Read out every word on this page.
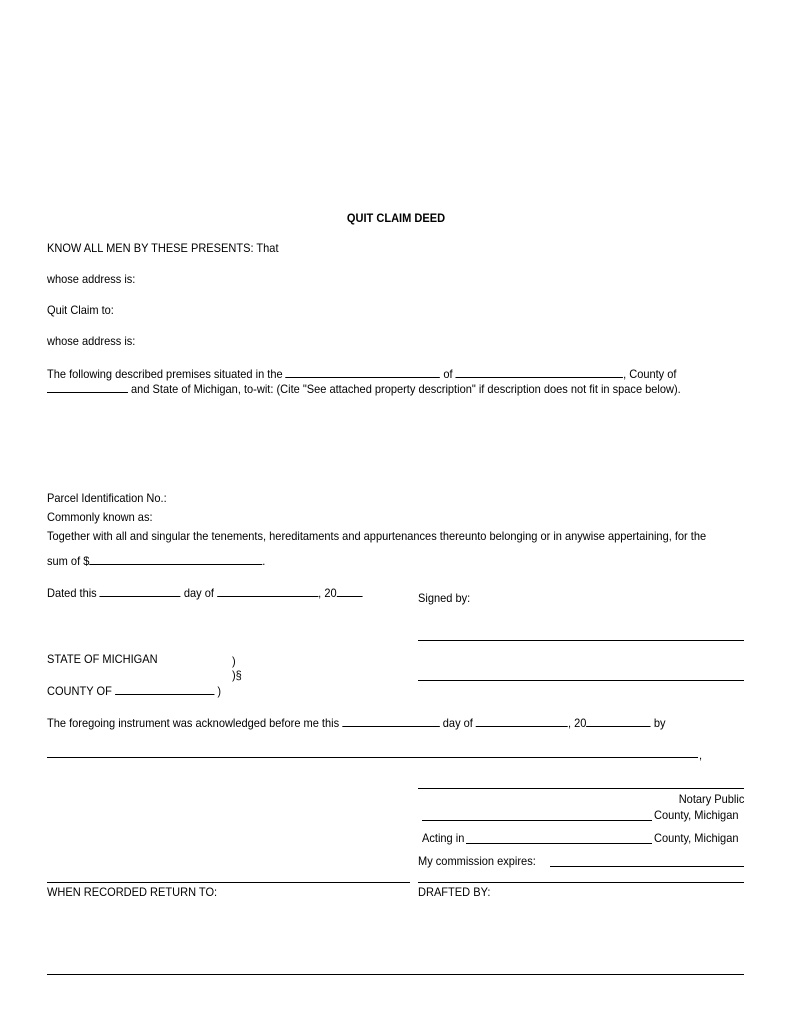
QUIT CLAIM DEED
KNOW ALL MEN BY THESE PRESENTS: That
whose address is:
Quit Claim to:
whose address is:
The following described premises situated in the	of	, County of
and State of Michigan, to-wit: (Cite "See attached property description" if description does not fit in space below).
Parcel Identification No.:
Commonly known as:
Together with all and singular the tenements, hereditaments and appurtenances thereunto belonging or in anywise appertaining, for the
sum of $	.
Dated this	day of	, 20	Signed by:
STATE OF MICHIGAN	)
)§
COUNTY OF	)
The foregoing instrument was acknowledged before me this	day of	, 20	by
,
Notary Public
County, Michigan
Acting in	County, Michigan
My commission expires:
WHEN RECORDED RETURN TO:	DRAFTED BY:
